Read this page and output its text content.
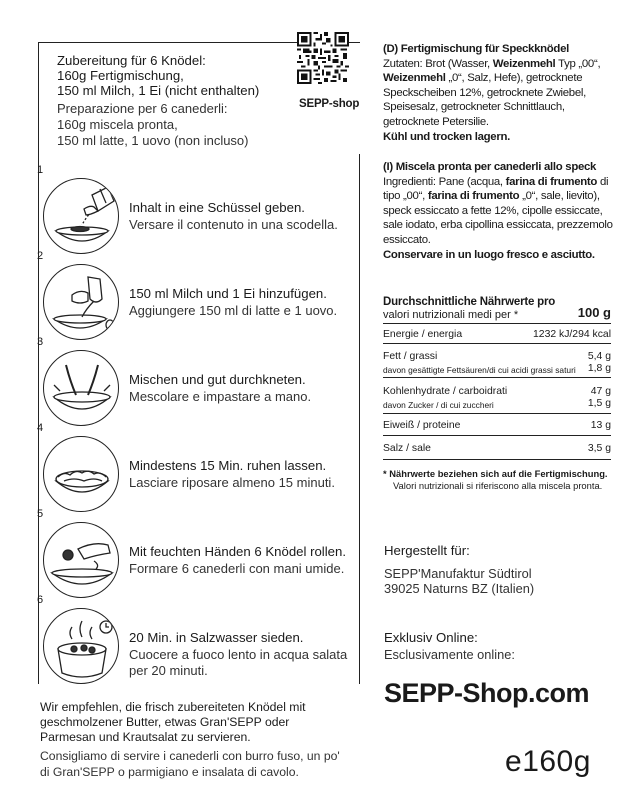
Zubereitung für 6 Knödel:
160g Fertigmischung,
150 ml Milch, 1 Ei (nicht enthalten)
Preparazione per 6 canederli:
160g miscela pronta,
150 ml latte, 1 uovo (non incluso)
SEPP-shop
1
Inhalt in eine Schüssel geben.
Versare il contenuto in una scodella.
2
150 ml Milch und 1 Ei hinzufügen.
Aggiungere 150 ml di latte e 1 uovo.
3
Mischen und gut durchkneten.
Mescolare e impastare a mano.
4
Mindestens 15 Min. ruhen lassen.
Lasciare riposare almeno 15 minuti.
5
Mit feuchten Händen 6 Knödel rollen.
Formare 6 canederli con mani umide.
6
20 Min. in Salzwasser sieden.
Cuocere a fuoco lento in acqua salata per 20 minuti.
Wir empfehlen, die frisch zubereiteten Knödel mit geschmolzener Butter, etwas Gran'SEPP oder Parmesan und Krautsalat zu servieren.
Consigliamo di servire i canederli con burro fuso, un po' di Gran'SEPP o parmigiano e insalata di cavolo.
(D) Fertigmischung für Speckknödel
Zutaten: Brot (Wasser, Weizenmehl Typ „00“, Weizenmehl „0“, Salz, Hefe), getrocknete Speckscheiben 12%, getrocknete Zwiebel, Speisesalz, getrockneter Schnittlauch, getrocknete Petersilie.
Kühl und trocken lagern.
(I) Miscela pronta per canederli allo speck
Ingredienti: Pane (acqua, farina di frumento di tipo „00“, farina di frumento „0“, sale, lievito), speck essiccato a fette 12%, cipolle essiccate, sale iodato, erba cipollina essiccata, prezzemolo essiccato.
Conservare in un luogo fresco e asciutto.
Durchschnittliche Nährwerte pro
valori nutrizionali medi per *	100 g
Energie / energia	1232 kJ/294 kcal
Fett / grassi	5,4 g
davon gesättigte Fettsäuren/di cui acidi grassi saturi 1,8 g
Kohlenhydrate / carboidrati	47 g
davon Zucker / di cui zuccheri	1,5 g
Eiweiß / proteine	13 g
Salz / sale	3,5 g
* Nährwerte beziehen sich auf die Fertigmischung.
Valori nutrizionali si riferiscono alla miscela pronta.
Hergestellt für:
SEPP'Manufaktur Südtirol
39025 Naturns BZ (Italien)
Exklusiv Online:
Esclusivamente online:
SEPP-Shop.com
e160g
